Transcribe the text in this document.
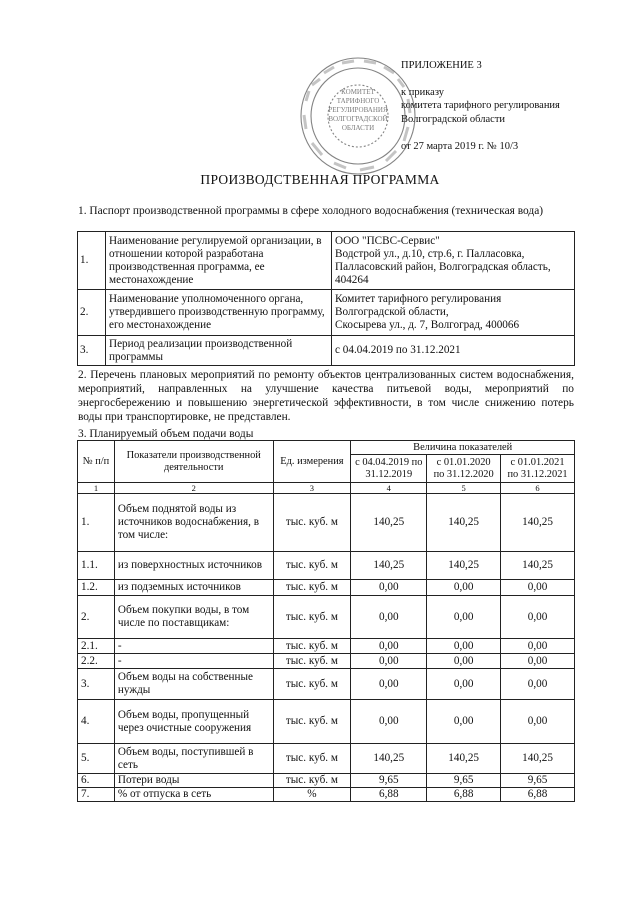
ПРИЛОЖЕНИЕ 3
к приказу
комитета тарифного регулирования
Волгоградской области
от 27 марта 2019 г. № 10/3
КОМИТЕТ
ТАРИФНОГО
РЕГУЛИРОВАНИЯ
ВОЛГОГРАДСКОЙ
ОБЛАСТИ
ПРОИЗВОДСТВЕННАЯ ПРОГРАММА
1. Паспорт производственной программы в сфере холодного водоснабжения (техническая вода)
1.	Наименование регулируемой организации, в отношении которой разработана производственная программа, ее местонахождение	ООО "ПСВС-Сервис"
Водстрой ул., д.10, стр.6, г. Палласовка, Палласовский район, Волгоградская область, 404264

2.	Наименование уполномоченного органа, утвердившего производственную программу, его местонахождение	Комитет тарифного регулирования Волгоградской области,
Скосырева ул., д. 7, Волгоград, 400066

3.	Период реализации производственной программы	с 04.04.2019 по 31.12.2021
2. Перечень плановых мероприятий по ремонту объектов централизованных систем водоснабжения, мероприятий, направленных на улучшение качества питьевой воды, мероприятий по энергосбережению и повышению энергетической эффективности, в том числе снижению потерь воды при транспортировке, не представлен.
3. Планируемый объем подачи воды
№ п/п	Показатели производственной деятельности	Ед. измерения	Величина показателей		
			с 04.04.2019 по 31.12.2019	с 01.01.2020 по 31.12.2020	с 01.01.2021 по 31.12.2021
1	2	3	4	5	6
1.	Объем поднятой воды из источников водоснабжения, в том числе:	тыс. куб. м	140,25	140,25	140,25
1.1.	из поверхностных источников	тыс. куб. м	140,25	140,25	140,25
1.2.	из подземных источников	тыс. куб. м	0,00	0,00	0,00
2.	Объем покупки воды, в том числе по поставщикам:	тыс. куб. м	0,00	0,00	0,00
2.1.	-	тыс. куб. м	0,00	0,00	0,00
2.2.	-	тыс. куб. м	0,00	0,00	0,00
3.	Объем воды на собственные нужды	тыс. куб. м	0,00	0,00	0,00
4.	Объем воды, пропущенный через очистные сооружения	тыс. куб. м	0,00	0,00	0,00
5.	Объем воды, поступившей в сеть	тыс. куб. м	140,25	140,25	140,25
6.	Потери воды	тыс. куб. м	9,65	9,65	9,65
7.	% от отпуска в сеть	%	6,88	6,88	6,88
